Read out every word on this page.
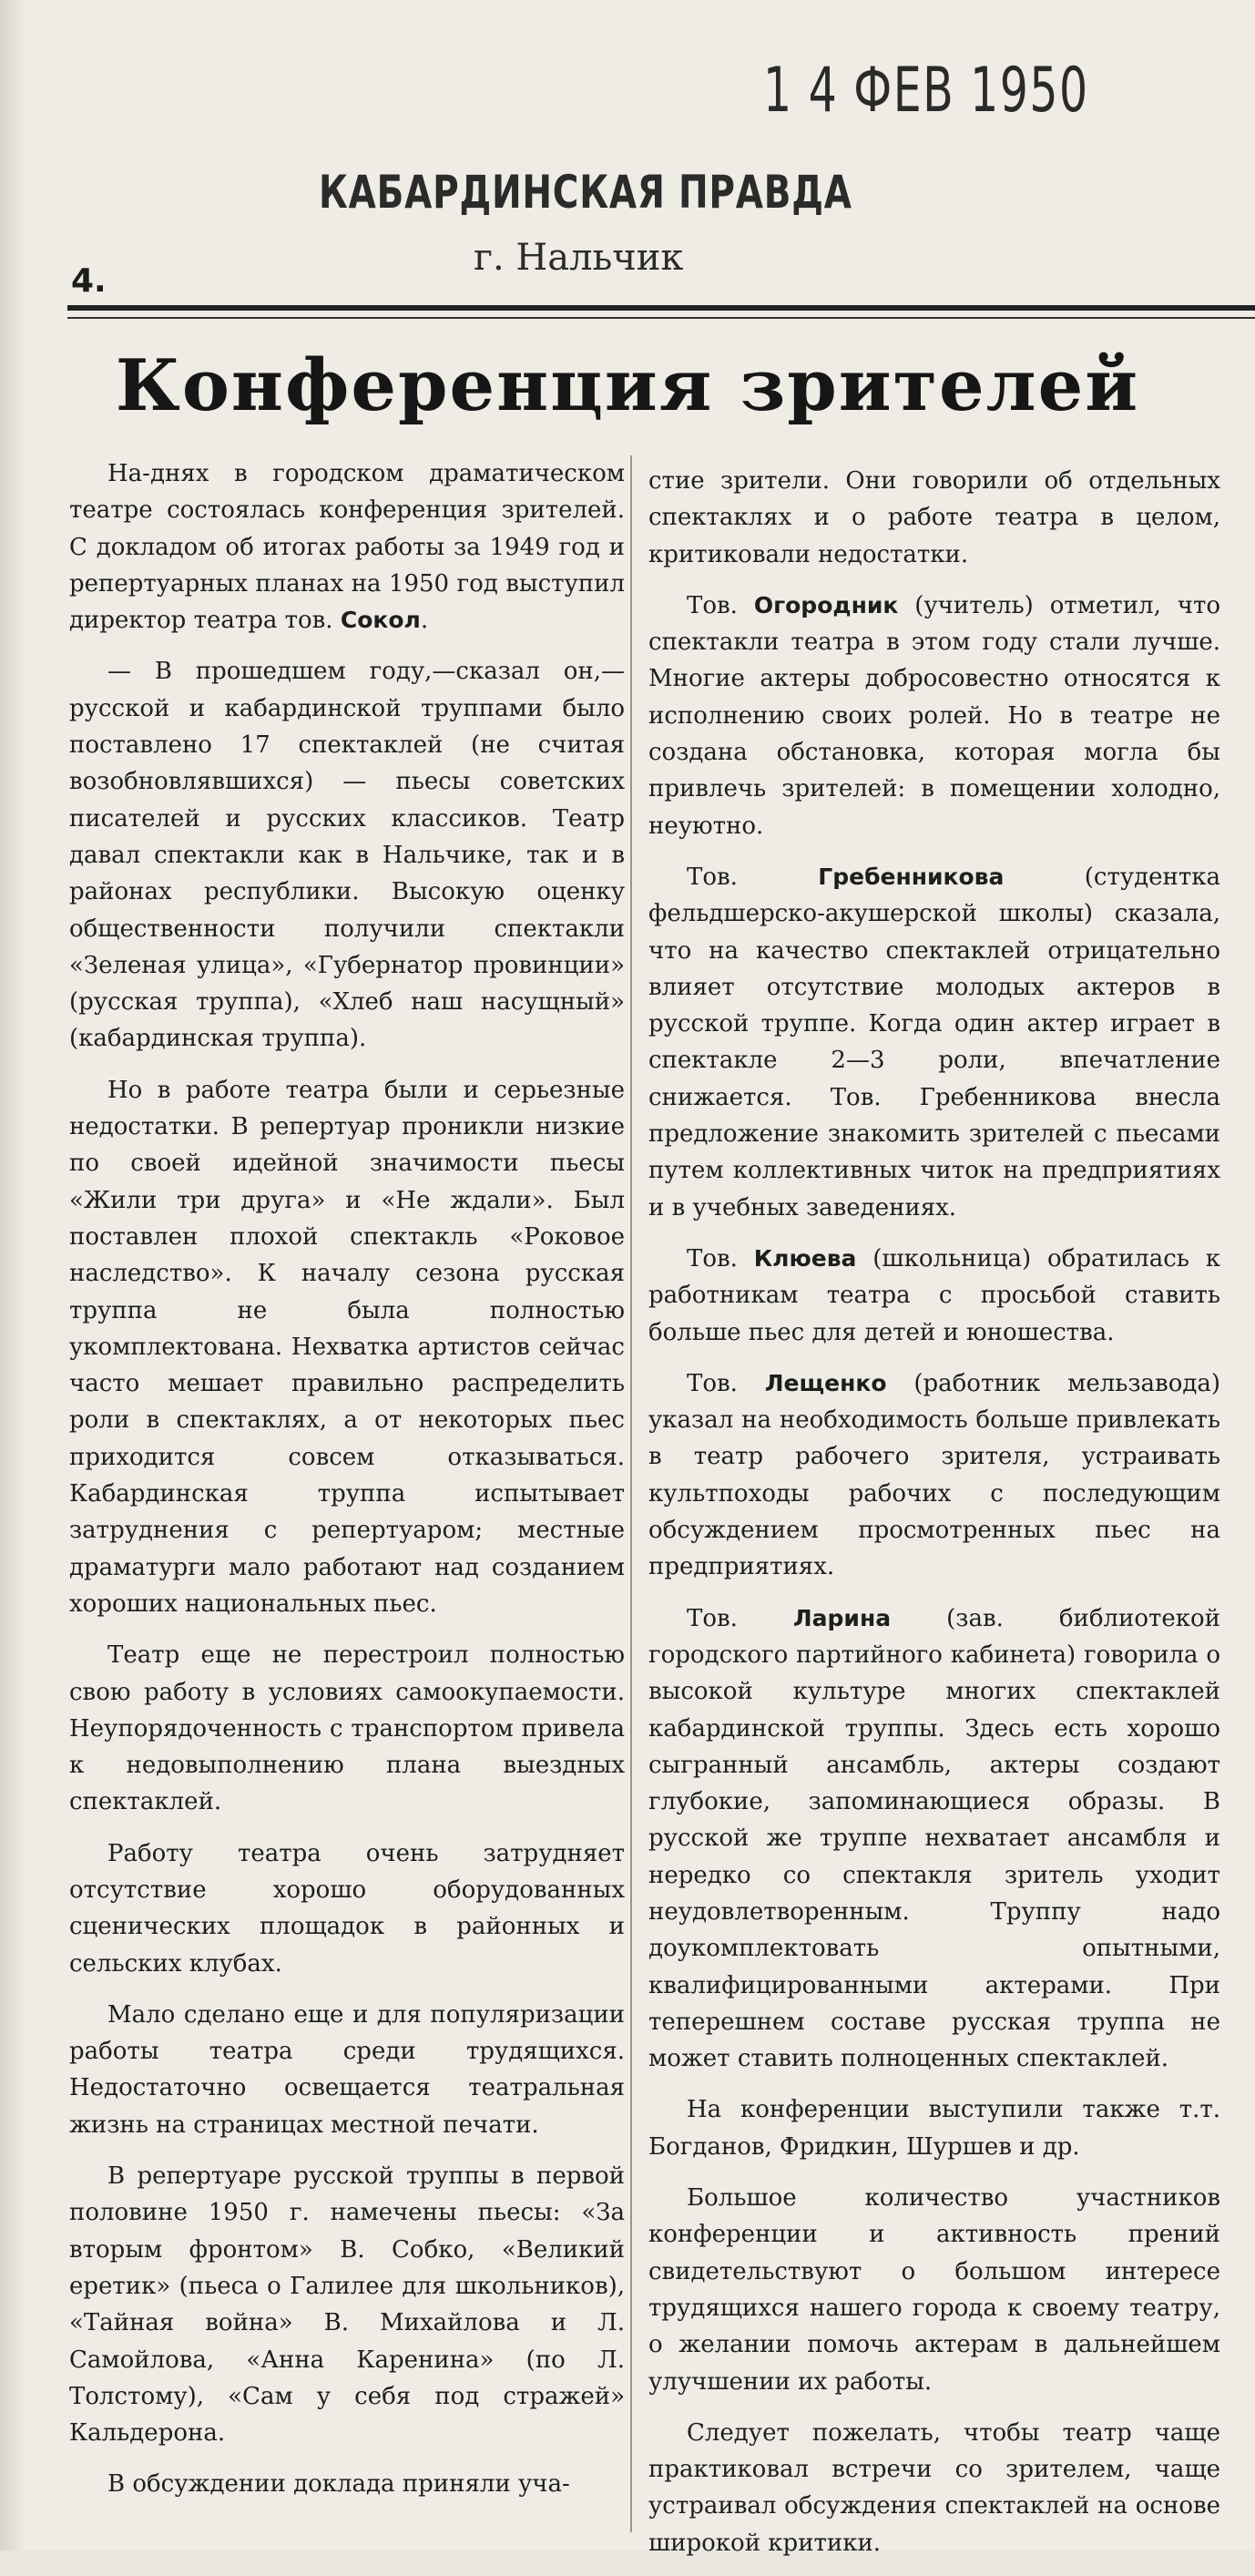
1 4 ФЕВ 1950
КАБАРДИНСКАЯ ПРАВДА
г. Нальчик
4.
Конференция зрителей

На-днях в городском драматическом театре состоялась конференция зрителей. С докладом об итогах работы за 1949 год и репертуарных планах на 1950 год выступил директор театра тов. Сокол.

— В прошедшем году,—сказал он,— русской и кабардинской труппами было поставлено 17 спектаклей (не считая возобновлявшихся) — пьесы советских писателей и русских классиков. Театр давал спектакли как в Нальчике, так и в районах республики. Высокую оценку общественности получили спектакли «Зеленая улица», «Губернатор провинции» (русская труппа), «Хлеб наш насущный» (кабардинская труппа).

Но в работе театра были и серьезные недостатки. В репертуар проникли низкие по своей идейной значимости пьесы «Жили три друга» и «Не ждали». Был поставлен плохой спектакль «Роковое наследство». К началу сезона русская труппа не была полностью укомплектована. Нехватка артистов сейчас часто мешает правильно распределить роли в спектаклях, а от некоторых пьес приходится совсем отказываться. Кабардинская труппа испытывает затруднения с репертуаром; местные драматурги мало работают над созданием хороших национальных пьес.

Театр еще не перестроил полностью свою работу в условиях самоокупаемости. Неупорядоченность с транспортом привела к недовыполнению плана выездных спектаклей.

Работу театра очень затрудняет отсутствие хорошо оборудованных сценических площадок в районных и сельских клубах.

Мало сделано еще и для популяризации работы театра среди трудящихся. Недостаточно освещается театральная жизнь на страницах местной печати.

В репертуаре русской труппы в первой половине 1950 г. намечены пьесы: «За вторым фронтом» В. Собко, «Великий еретик» (пьеса о Галилее для школьников), «Тайная война» В. Михайлова и Л. Самойлова, «Анна Каренина» (по Л. Толстому), «Сам у себя под стражей» Кальдерона.

В обсуждении доклада приняли уча-

стие зрители. Они говорили об отдельных спектаклях и о работе театра в целом, критиковали недостатки.

Тов. Огородник (учитель) отметил, что спектакли театра в этом году стали лучше. Многие актеры добросовестно относятся к исполнению своих ролей. Но в театре не создана обстановка, которая могла бы привлечь зрителей: в помещении холодно, неуютно.

Тов. Гребенникова (студентка фельдшерско-акушерской школы) сказала, что на качество спектаклей отрицательно влияет отсутствие молодых актеров в русской труппе. Когда один актер играет в спектакле 2—3 роли, впечатление снижается. Тов. Гребенникова внесла предложение знакомить зрителей с пьесами путем коллективных читок на предприятиях и в учебных заведениях.

Тов. Клюева (школьница) обратилась к работникам театра с просьбой ставить больше пьес для детей и юношества.

Тов. Лещенко (работник мельзавода) указал на необходимость больше привлекать в театр рабочего зрителя, устраивать культпоходы рабочих с последующим обсуждением просмотренных пьес на предприятиях.

Тов. Ларина (зав. библиотекой городского партийного кабинета) говорила о высокой культуре многих спектаклей кабардинской труппы. Здесь есть хорошо сыгранный ансамбль, актеры создают глубокие, запоминающиеся образы. В русской же труппе нехватает ансамбля и нередко со спектакля зритель уходит неудовлетворенным. Труппу надо доукомплектовать опытными, квалифицированными актерами. При теперешнем составе русская труппа не может ставить полноценных спектаклей.

На конференции выступили также т.т. Богданов, Фридкин, Шуршев и др.

Большое количество участников конференции и активность прений свидетельствуют о большом интересе трудящихся нашего города к своему театру, о желании помочь актерам в дальнейшем улучшении их работы.

Следует пожелать, чтобы театр чаще практиковал встречи со зрителем, чаще устраивал обсуждения спектаклей на основе широкой критики.
